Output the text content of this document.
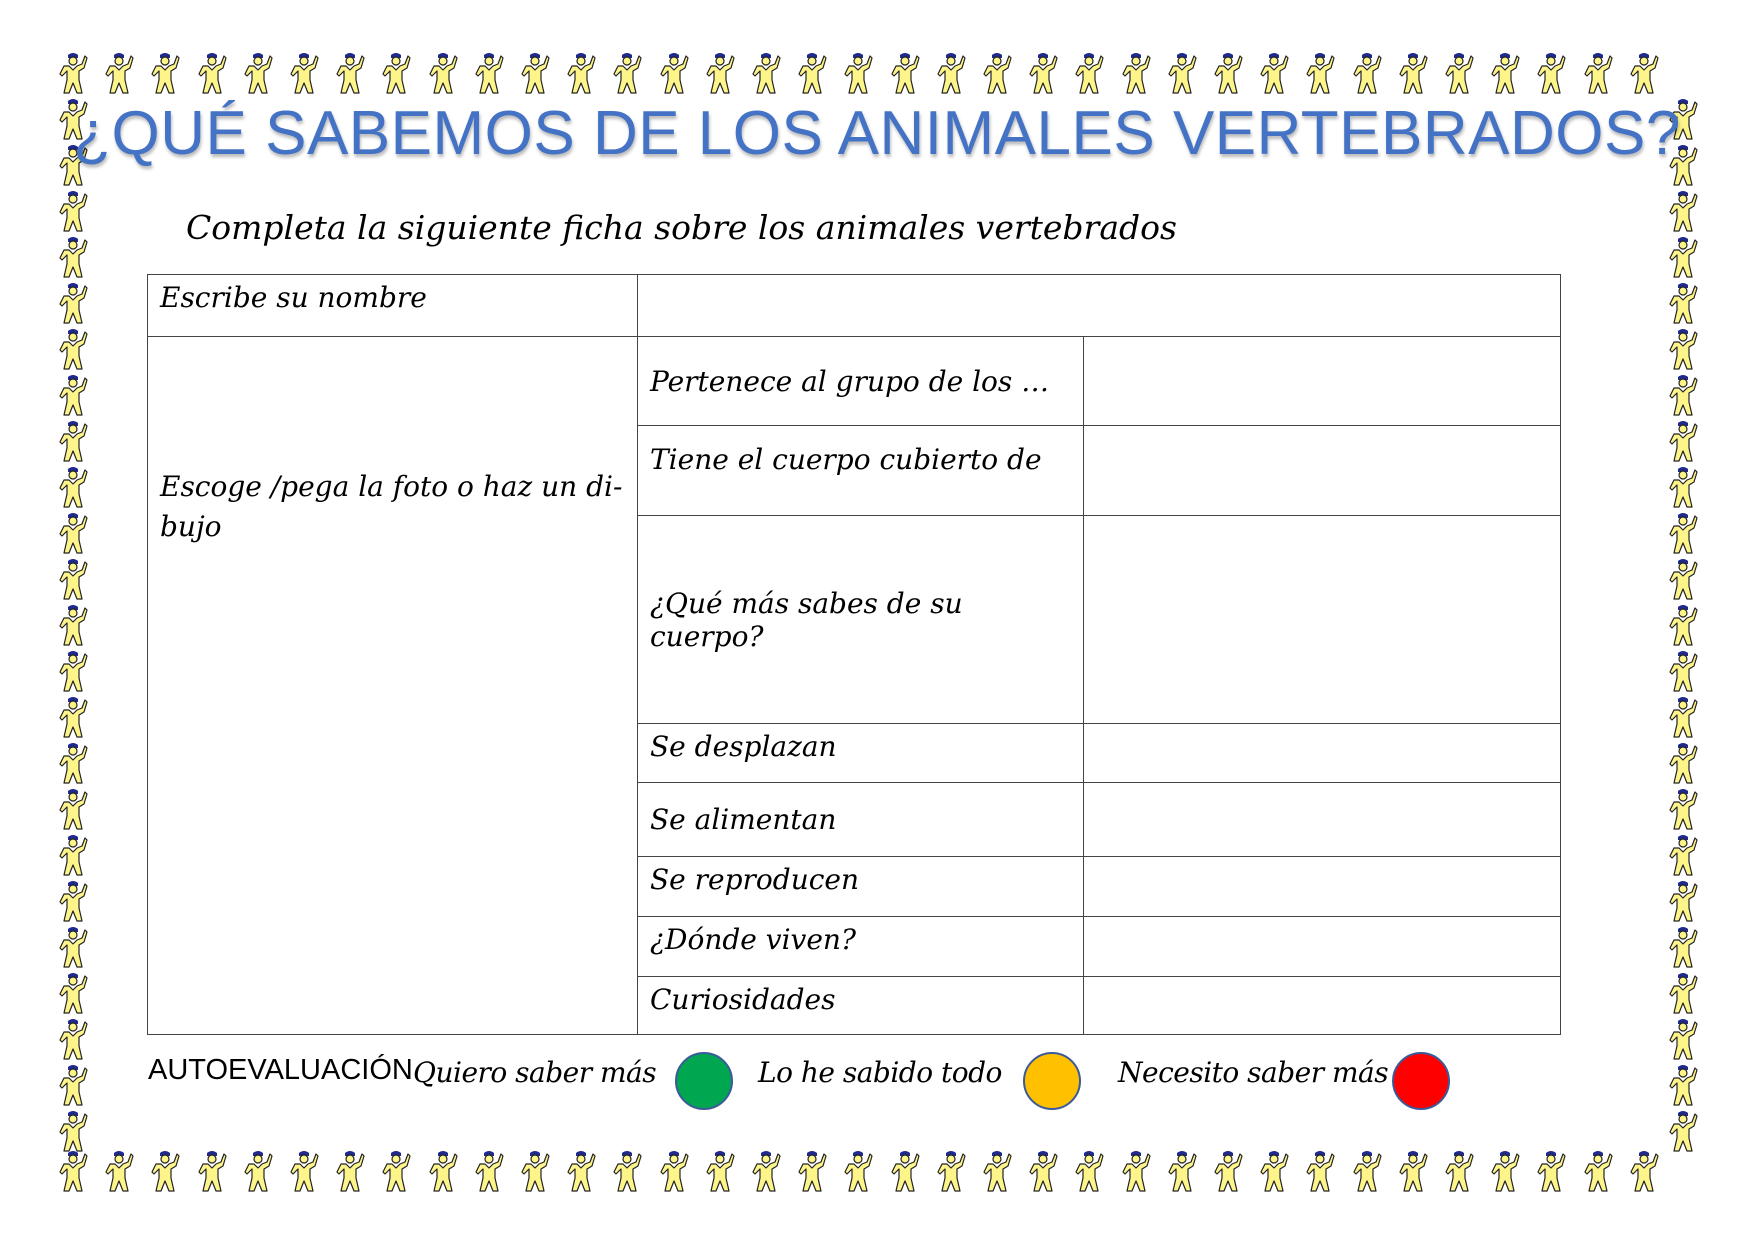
¿QUÉ SABEMOS DE LOS ANIMALES VERTEBRADOS?
Completa la siguiente ficha sobre los animales vertebrados
Escribe su nombre		
Escoge /pega la foto o haz un di-bujo	Pertenece al grupo de los …	
	Tiene el cuerpo cubierto de	
	¿Qué más sabes de su cuerpo?	
	Se desplazan	
	Se alimentan	
	Se reproducen	
	¿Dónde viven?	
	Curiosidades	
AUTOEVALUACIÓN Quiero saber más	Lo he sabido todo	Necesito saber más
